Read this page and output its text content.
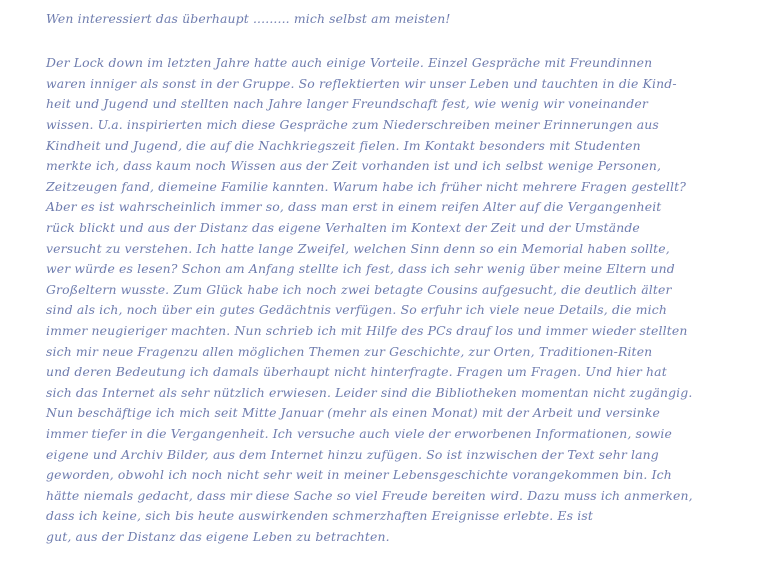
Wen interessiert das überhaupt ......... mich selbst am meisten!
Der Lock down im letzten Jahre hatte auch einige Vorteile. Einzel Gespräche mit Freundinnen
waren inniger als sonst in der Gruppe. So reflektierten wir unser Leben und tauchten in die Kind-
heit und Jugend und stellten nach Jahre langer Freundschaft fest, wie wenig wir voneinander
wissen. U.a. inspirierten mich diese Gespräche zum Niederschreiben meiner Erinnerungen aus
Kindheit und Jugend, die auf die Nachkriegszeit fielen. Im Kontakt besonders mit Studenten
merkte ich, dass kaum noch Wissen aus der Zeit vorhanden ist und ich selbst wenige Personen,
Zeitzeugen fand, diemeine Familie kannten. Warum habe ich früher nicht mehrere Fragen gestellt?
Aber es ist wahrscheinlich immer so, dass man erst in einem reifen Alter auf die Vergangenheit
rück blickt und aus der Distanz das eigene Verhalten im Kontext der Zeit und der Umstände
versucht zu verstehen. Ich hatte lange Zweifel, welchen Sinn denn so ein Memorial haben sollte,
wer würde es lesen? Schon am Anfang stellte ich fest, dass ich sehr wenig über meine Eltern und
Großeltern wusste. Zum Glück habe ich noch zwei betagte Cousins aufgesucht, die deutlich älter
sind als ich, noch über ein gutes Gedächtnis verfügen. So erfuhr ich viele neue Details, die mich
immer neugieriger machten. Nun schrieb ich mit Hilfe des PCs drauf los und immer wieder stellten
sich mir neue Fragenzu allen möglichen Themen zur Geschichte, zur Orten, Traditionen-Riten
und deren Bedeutung ich damals überhaupt nicht hinterfragte. Fragen um Fragen. Und hier hat
sich das Internet als sehr nützlich erwiesen. Leider sind die Bibliotheken momentan nicht zugängig.
Nun beschäftige ich mich seit Mitte Januar (mehr als einen Monat) mit der Arbeit und versinke
immer tiefer in die Vergangenheit. Ich versuche auch viele der erworbenen Informationen, sowie
eigene und Archiv Bilder, aus dem Internet hinzu zufügen. So ist inzwischen der Text sehr lang
geworden, obwohl ich noch nicht sehr weit in meiner Lebensgeschichte vorangekommen bin. Ich
hätte niemals gedacht, dass mir diese Sache so viel Freude bereiten wird. Dazu muss ich anmerken,
dass ich keine, sich bis heute auswirkenden schmerzhaften Ereignisse erlebte. Es ist
gut, aus der Distanz das eigene Leben zu betrachten.
